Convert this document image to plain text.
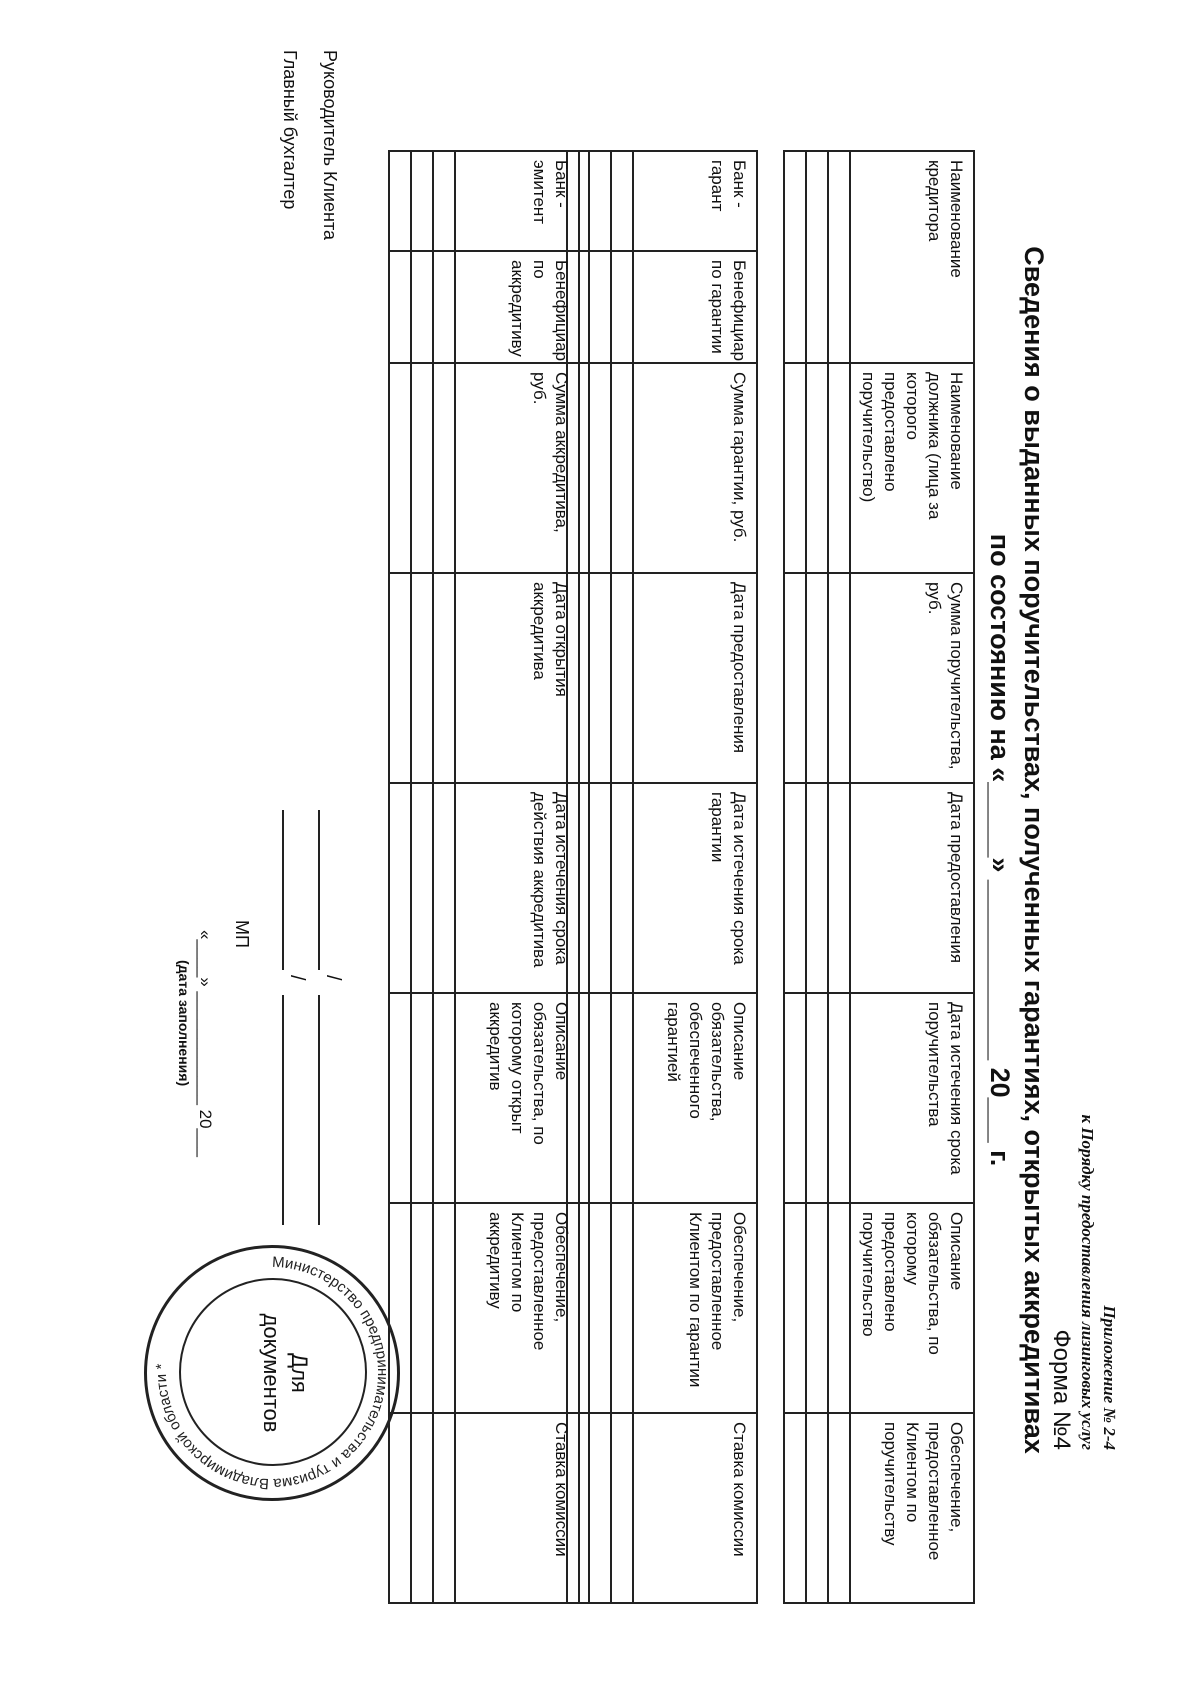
Приложение № 2-4
к Порядку предоставления лизинговых услуг
Форма №4
Сведения о выданных поручительствах, полученных гарантиях, открытых аккредитивах
по состоянию на «_____» ____________ 20___ г.
Наименование кредитора	Наименование должника (лица за которого предоставлено поручительство)	Сумма поручительства, руб.	Дата предоставления	Дата истечения срока поручительства	Описание обязательства, по которому предоставлено поручительство	Обеспечение, предоставленное Клиентом по поручительству

Банк - гарант	Бенефициар по гарантии	Сумма гарантии, руб.	Дата предоставления	Дата истечения срока гарантии	Описание обязательства, обеспеченного гарантией	Обеспечение, предоставленное Клиентом по гарантии	Ставка комиссии

Банк - эмитент	Бенефициар по аккредитиву	Сумма аккредитива, руб.	Дата открытия аккредитива	Дата истечения срока действия аккредитива	Описание обязательства, по которому открыт аккредитив	Обеспечение, предоставленное Клиентом по аккредитиву	Ставка комиссии

Руководитель Клиента
Главный бухгалтер
/
/
МП
«____» ____________ 20___
(дата заполнения)
Министерство предпринимательства и туризма Владимирской области *	Для
документов
